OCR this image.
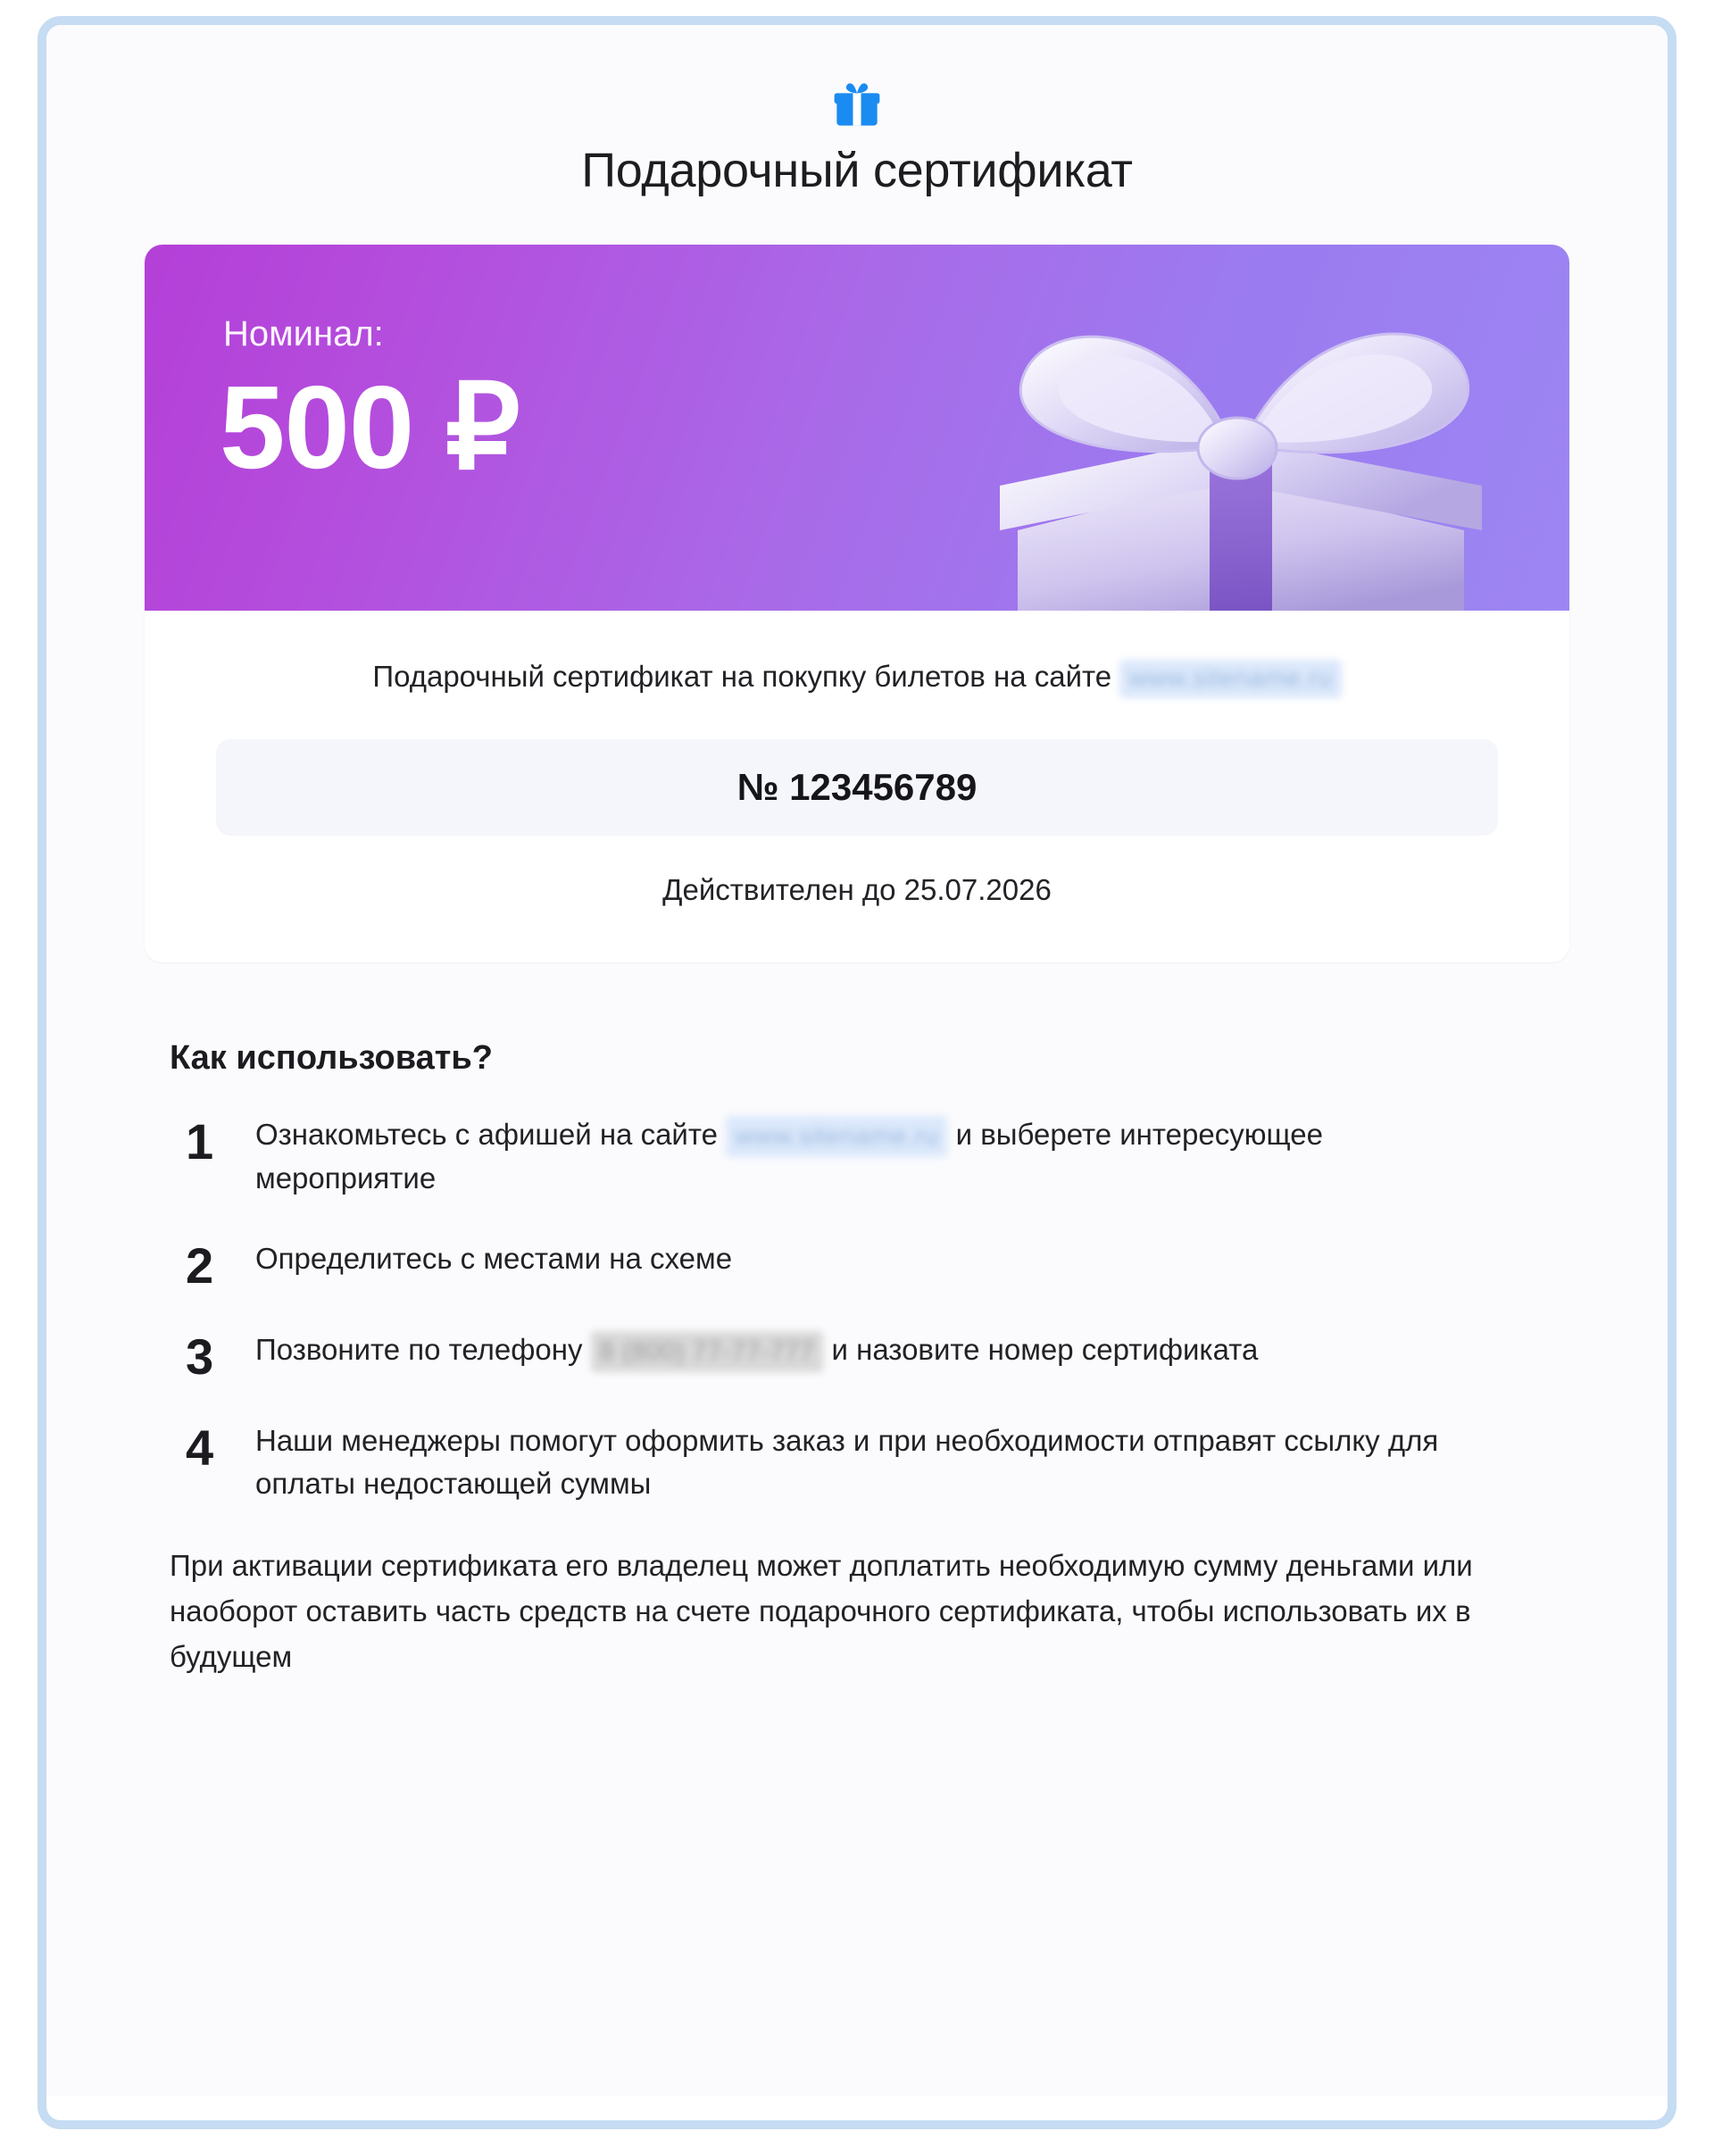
Подарочный сертификат
Номинал:
500 ₽

Подарочный сертификат на покупку билетов на сайте www.sitename.ru

№ 123456789
Действителен до 25.07.2026
Как использовать?
1	Ознакомьтесь с афишей на сайте www.sitename.ru и выберете интересующее мероприятие
2	Определитесь с местами на схеме
3	Позвоните по телефону 8 (800) 77-77-777 и назовите номер сертификата
4	Наши менеджеры помогут оформить заказ и при необходимости отправят ссылку для оплаты недостающей суммы

При активации сертификата его владелец может доплатить необходимую сумму деньгами или наоборот оставить часть средств на счете подарочного сертификата, чтобы использовать их в будущем
